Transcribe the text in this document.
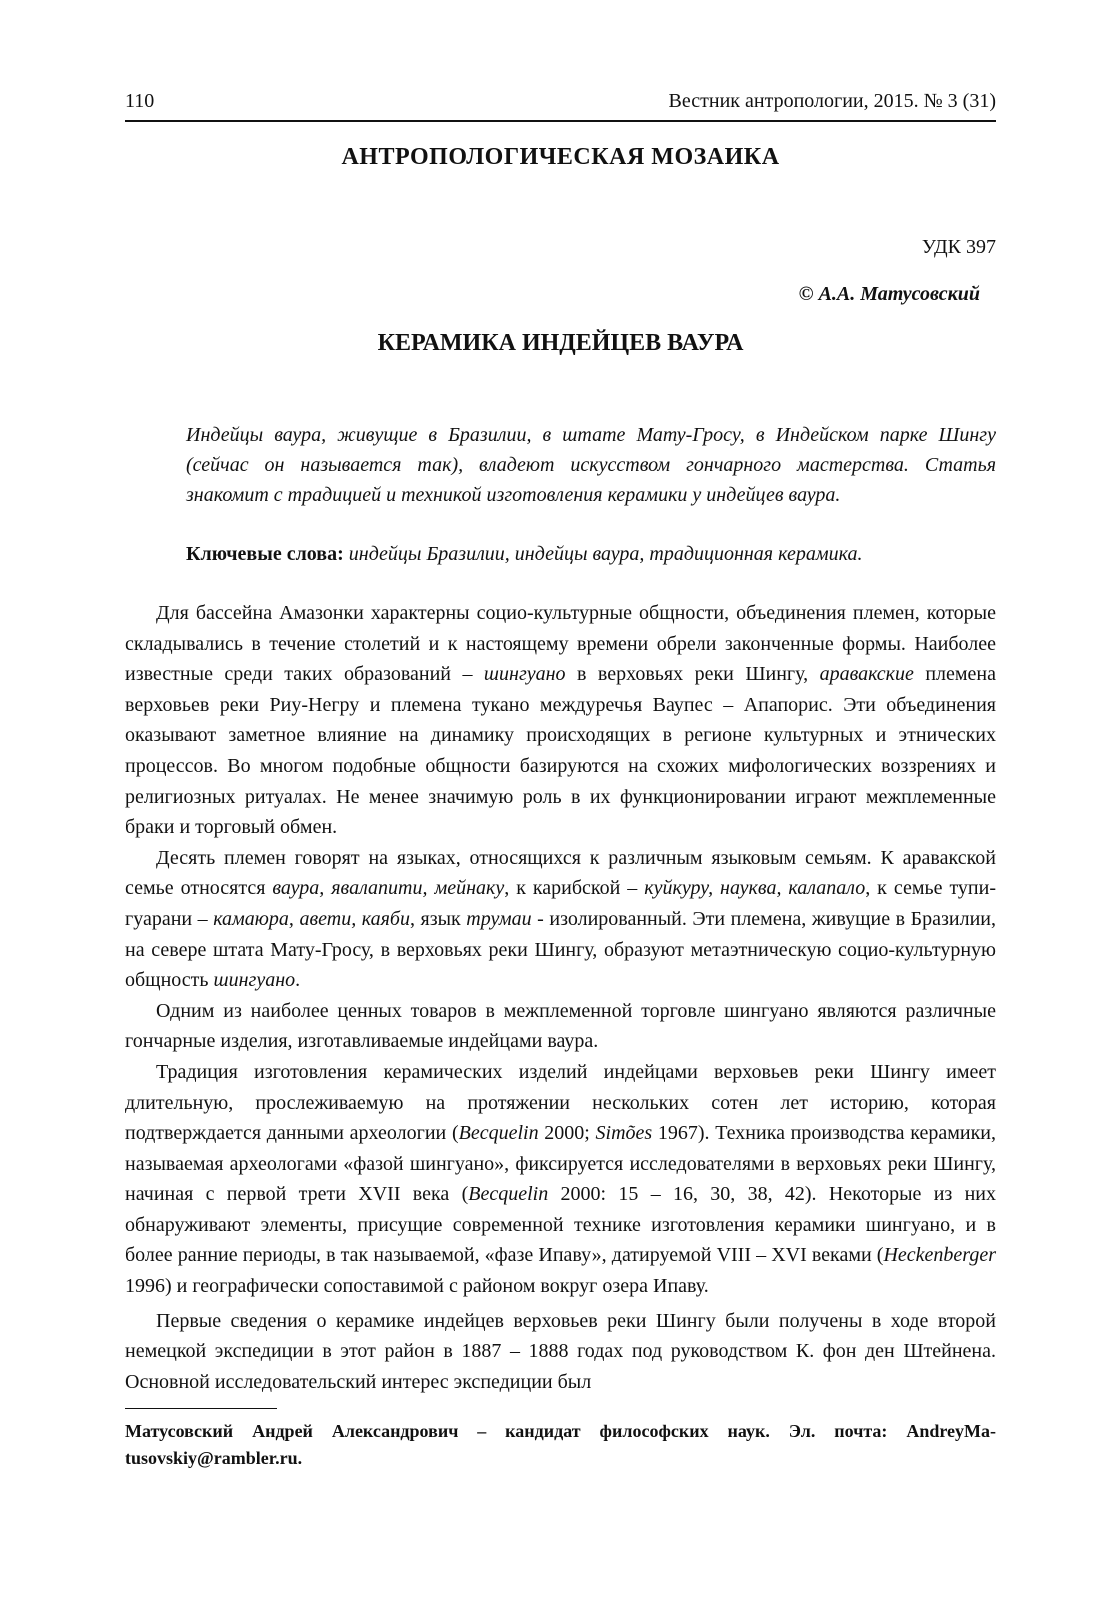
110	Вестник антропологии, 2015. № 3 (31)
АНТРОПОЛОГИЧЕСКАЯ МОЗАИКА
УДК 397
© А.А. Матусовский
КЕРАМИКА ИНДЕЙЦЕВ ВАУРА

Индейцы ваура, живущие в Бразилии, в штате Мату-Гросу, в Индейском парке Шингу (сейчас он называется так), владеют искусством гончарного мастерства. Статья знакомит с традицией и техникой изготовления керамики у индейцев ваура.

Ключевые слова: индейцы Бразилии, индейцы ваура, традиционная керамика.

Для бассейна Амазонки характерны социо-культурные общности, объединения племен, которые складывались в течение столетий и к настоящему времени обрели законченные формы. Наиболее известные среди таких образований – шингуано в верховьях реки Шингу, аравакские племена верховьев реки Риу-Негру и племена тукано междуречья Ваупес – Апапорис. Эти объединения оказывают заметное влияние на динамику происходящих в регионе культурных и этнических процессов. Во многом подобные общности базируются на схожих мифологических воззрениях и религиозных ритуалах. Не менее значимую роль в их функционировании играют межплеменные браки и торговый обмен.

Десять племен говорят на языках, относящихся к различным языковым семьям. К аравакской семье относятся ваура, явалапити, мейнаку, к карибской – куйкуру, науква, калапало, к семье тупи-гуарани – камаюра, авети, каяби, язык трумаи - изолированный. Эти племена, живущие в Бразилии, на севере штата Мату-Гросу, в верховьях реки Шингу, образуют метаэтническую социо-культурную общность шингуано.

Одним из наиболее ценных товаров в межплеменной торговле шингуано являются различные гончарные изделия, изготавливаемые индейцами ваура.

Традиция изготовления керамических изделий индейцами верховьев реки Шингу имеет длительную, прослеживаемую на протяжении нескольких сотен лет историю, которая подтверждается данными археологии (Becquelin 2000; Simões 1967). Техника производства керамики, называемая археологами «фазой шингуано», фиксируется исследователями в верховьях реки Шингу, начиная с первой трети XVII века (Becquelin 2000: 15 – 16, 30, 38, 42). Некоторые из них обнаруживают элементы, присущие современной технике изготовления керамики шингуано, и в более ранние периоды, в так называемой, «фазе Ипаву», датируемой VIII – XVI веками (Heckenberger 1996) и географически сопоставимой с районом вокруг озера Ипаву.

Первые сведения о керамике индейцев верховьев реки Шингу были получены в ходе второй немецкой экспедиции в этот район в 1887 – 1888 годах под руководством К. фон ден Штейнена. Основной исследовательский интерес экспедиции был

Матусовский Андрей Александрович – кандидат философских наук. Эл. почта: AndreyMatusovskiy@rambler.ru.
